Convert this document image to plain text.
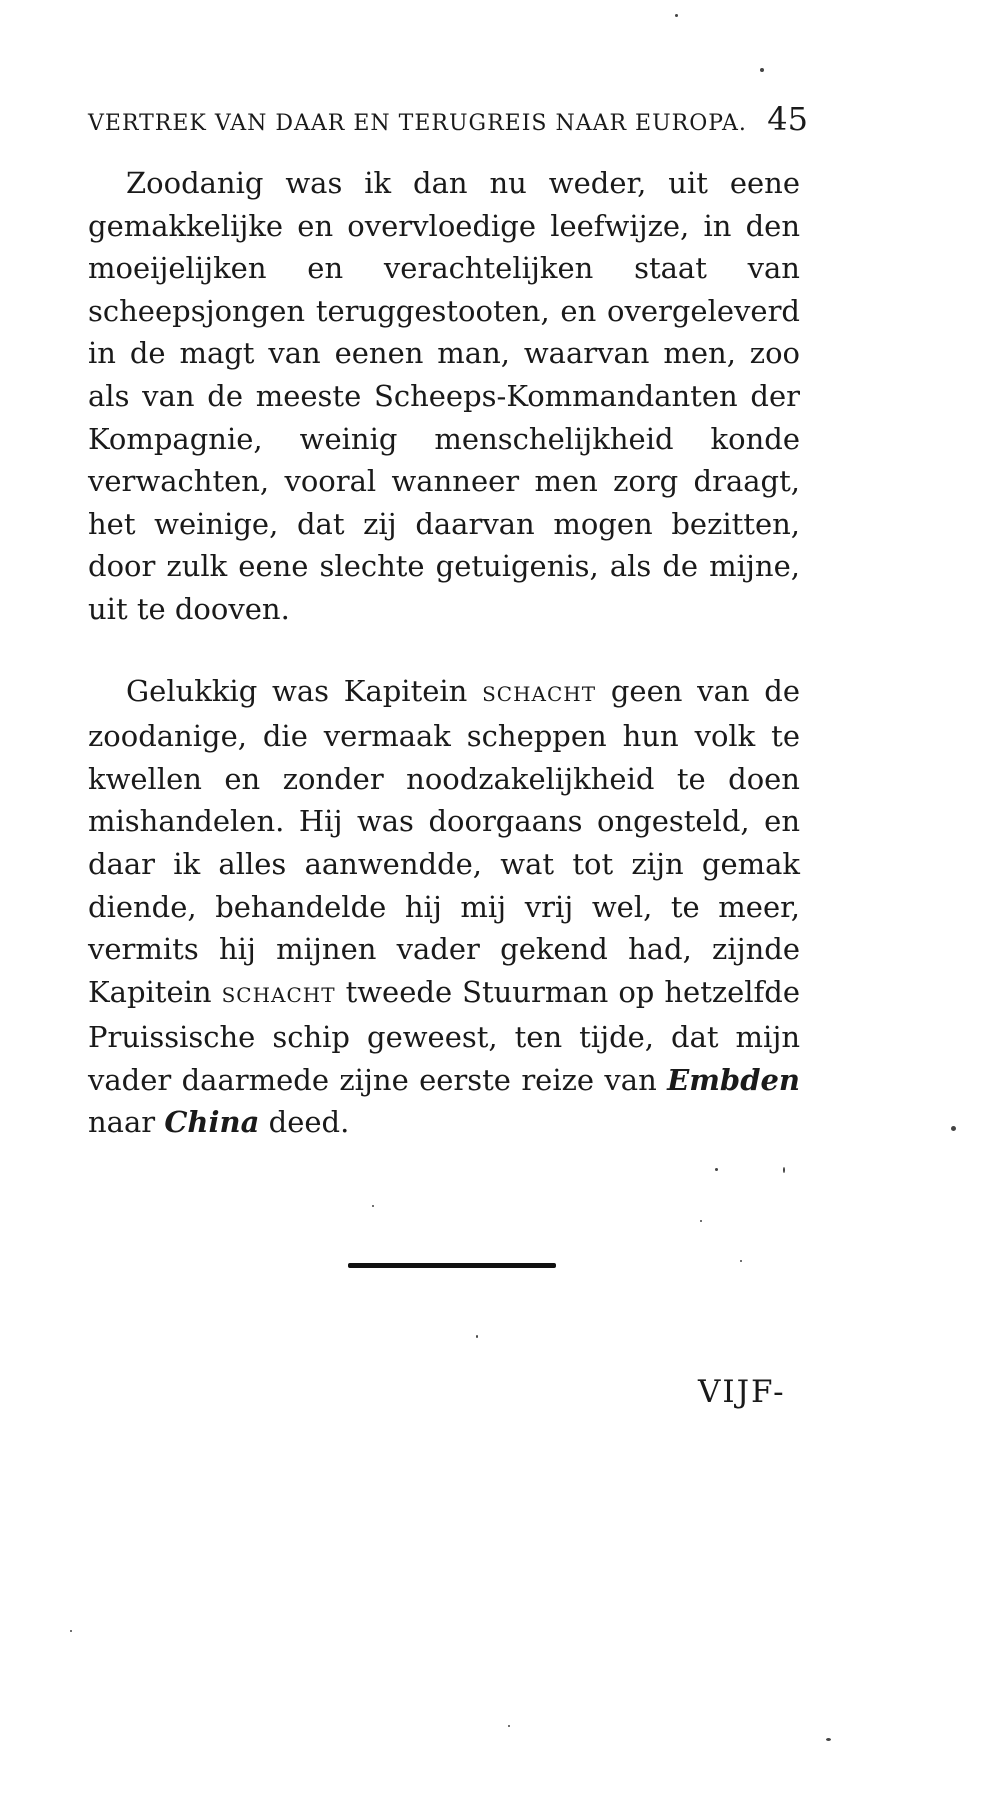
VERTREK VAN DAAR EN TERUGREIS NAAR EUROPA. 45

Zoodanig was ik dan nu weder, uit eene gemakkelijke en overvloedige leefwijze, in den moeijelijken en verachtelijken staat van scheepsjongen teruggestooten, en overgeleverd in de magt van eenen man, waarvan men, zoo als van de meeste Scheeps-Kommandanten der Kompagnie, weinig menschelijkheid konde verwachten, vooral wanneer men zorg draagt, het weinige, dat zij daarvan mogen bezitten, door zulk eene slechte getuigenis, als de mijne, uit te dooven.

Gelukkig was Kapitein SCHACHT geen van de zoodanige, die vermaak scheppen hun volk te kwellen en zonder noodzakelijkheid te doen mishandelen. Hij was doorgaans ongesteld, en daar ik alles aanwendde, wat tot zijn gemak diende, behandelde hij mij vrij wel, te meer, vermits hij mijnen vader gekend had, zijnde Kapitein SCHACHT tweede Stuurman op hetzelfde Pruissische schip geweest, ten tijde, dat mijn vader daarmede zijne eerste reize van Embden naar China deed.

VIJF-
